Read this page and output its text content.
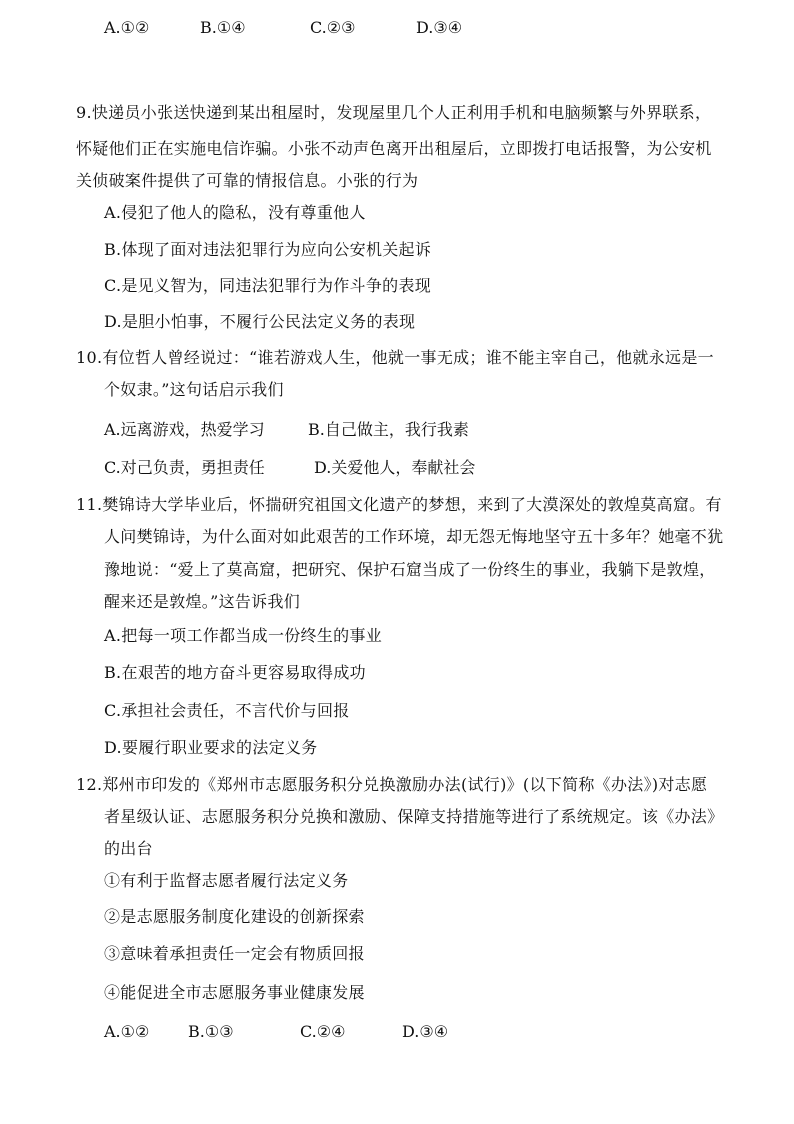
A.①②	B.①④	C.②③	D.③④
9.快递员小张送快递到某出租屋时，发现屋里几个人正利用手机和电脑频繁与外界联系，
怀疑他们正在实施电信诈骗。小张不动声色离开出租屋后，立即拨打电话报警，为公安机
关侦破案件提供了可靠的情报信息。小张的行为
A.侵犯了他人的隐私，没有尊重他人
B.体现了面对违法犯罪行为应向公安机关起诉
C.是见义智为，同违法犯罪行为作斗争的表现
D.是胆小怕事，不履行公民法定义务的表现
10.有位哲人曾经说过：“谁若游戏人生，他就一事无成；谁不能主宰自己，他就永远是一
个奴隶。”这句话启示我们
A.远离游戏，热爱学习	B.自己做主，我行我素
C.对己负责，勇担责任	D.关爱他人，奉献社会
11.樊锦诗大学毕业后，怀揣研究祖国文化遗产的梦想，来到了大漠深处的敦煌莫高窟。有
人问樊锦诗，为什么面对如此艰苦的工作环境，却无怨无悔地坚守五十多年？她毫不犹
豫地说：“爱上了莫高窟，把研究、保护石窟当成了一份终生的事业，我躺下是敦煌，
醒来还是敦煌。”这告诉我们
A.把每一项工作都当成一份终生的事业
B.在艰苦的地方奋斗更容易取得成功
C.承担社会责任，不言代价与回报
D.要履行职业要求的法定义务
12.郑州市印发的《郑州市志愿服务积分兑换激励办法(试行)》(以下简称《办法》)对志愿
者星级认证、志愿服务积分兑换和激励、保障支持措施等进行了系统规定。该《办法》
的出台
①有利于监督志愿者履行法定义务
②是志愿服务制度化建设的创新探索
③意味着承担责任一定会有物质回报
④能促进全市志愿服务事业健康发展
A.①② B.①③	C.②④	D.③④
